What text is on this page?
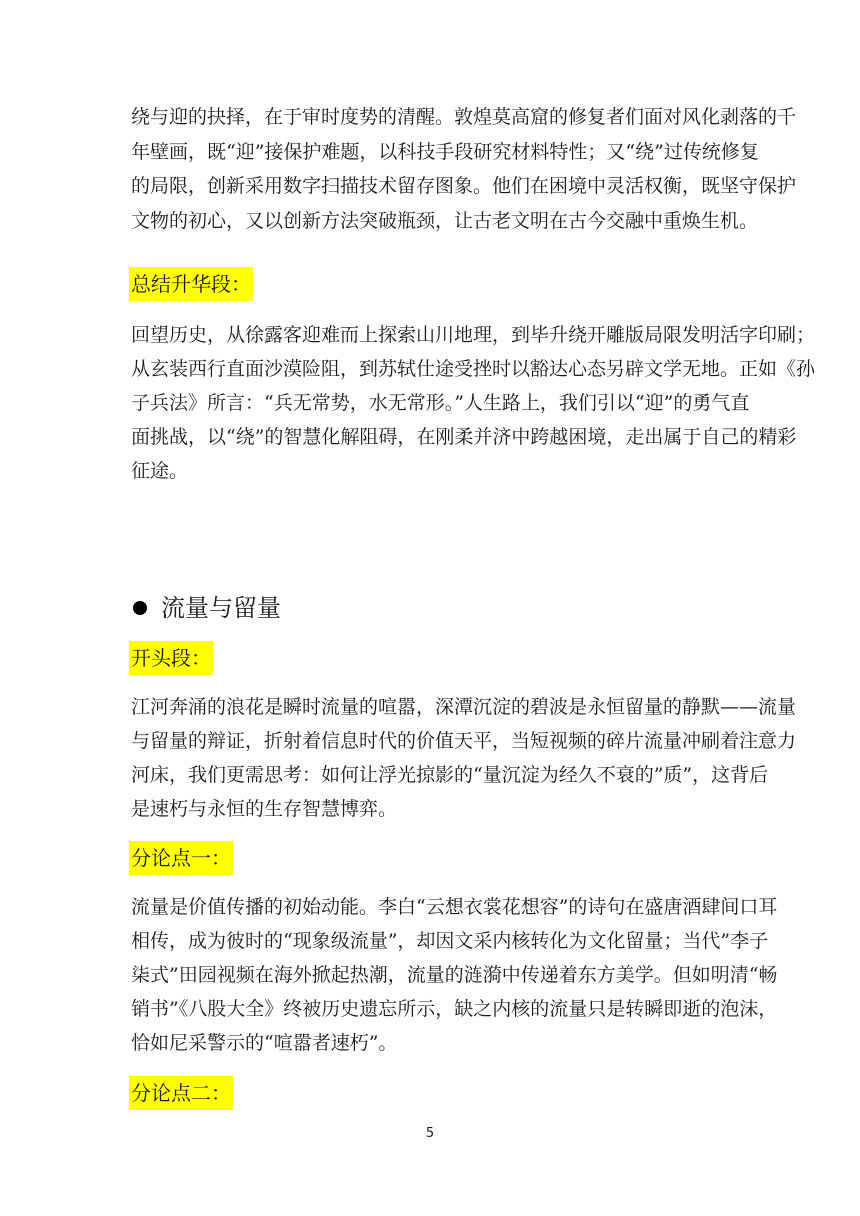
绕与迎的抉择，在于审时度势的清醒。敦煌莫高窟的修复者们面对风化剥落的千
年壁画，既“迎”接保护难题，以科技手段研究材料特性；又“绕”过传统修复
的局限，创新采用数字扫描技术留存图象。他们在困境中灵活权衡，既坚守保护
文物的初心，又以创新方法突破瓶颈，让古老文明在古今交融中重焕生机。
总结升华段：
回望历史，从徐露客迎难而上探索山川地理，到毕升绕开雕版局限发明活字印刷；
从玄装西行直面沙漠险阻，到苏轼仕途受挫时以豁达心态另辟文学无地。正如《孙
子兵法》所言：“兵无常势，水无常形。”人生路上，我们引以“迎”的勇气直
面挑战，以“绕”的智慧化解阻碍，在刚柔并济中跨越困境，走出属于自己的精彩
征途。
流量与留量
开头段：
江河奔涌的浪花是瞬时流量的喧嚣，深潭沉淀的碧波是永恒留量的静默——流量
与留量的辩证，折射着信息时代的价值天平，当短视频的碎片流量冲刷着注意力
河床，我们更需思考：如何让浮光掠影的“量沉淀为经久不衰的”质”，这背后
是速朽与永恒的生存智慧博弈。
分论点一：
流量是价值传播的初始动能。李白“云想衣裳花想容”的诗句在盛唐酒肆间口耳
相传，成为彼时的“现象级流量”，却因文采内核转化为文化留量；当代”李子
柒式”田园视频在海外掀起热潮，流量的涟漪中传递着东方美学。但如明清“畅
销书”《八股大全》终被历史遗忘所示，缺之内核的流量只是转瞬即逝的泡沫，
恰如尼采警示的“喧嚣者速朽”。
分论点二：
5
